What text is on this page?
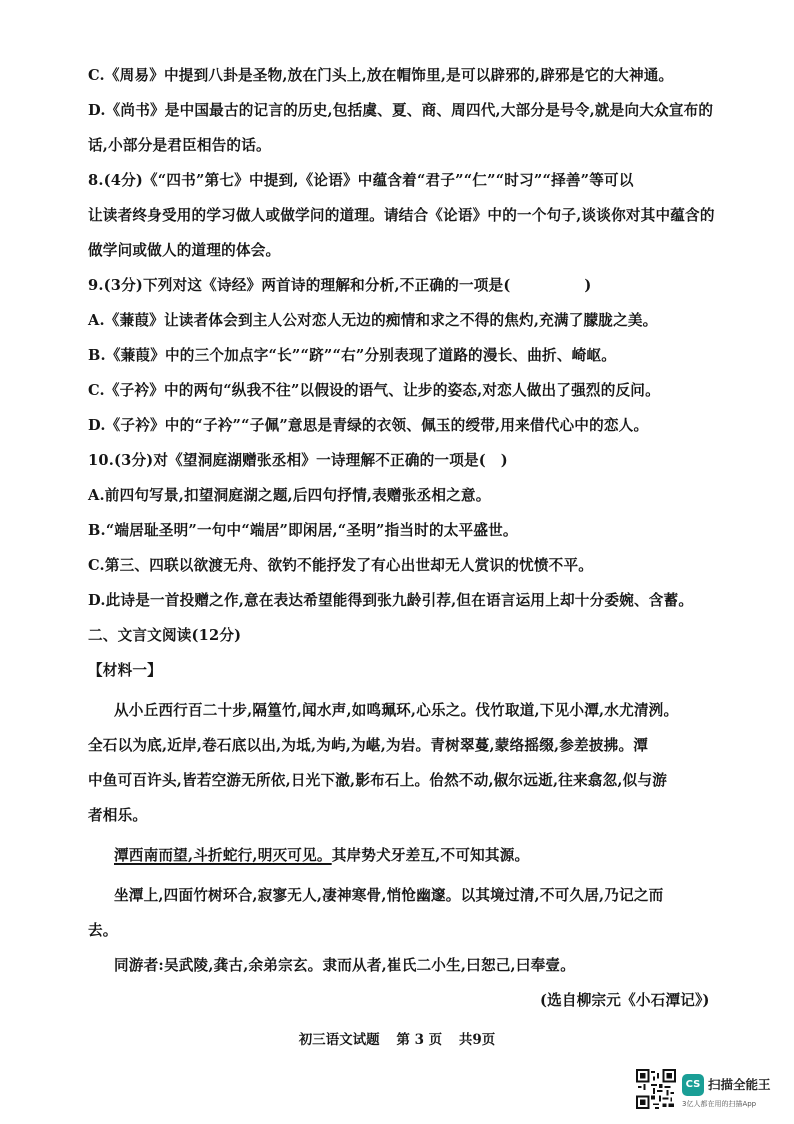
C.《周易》中提到八卦是圣物,放在门头上,放在帽饰里,是可以辟邪的,辟邪是它的大神通。
D.《尚书》是中国最古的记言的历史,包括虞、夏、商、周四代,大部分是号令,就是向大众宣布的
话,小部分是君臣相告的话。
8.(4分)《“四书”第七》中提到,《论语》中蕴含着“君子”“仁”“时习”“择善”等可以
让读者终身受用的学习做人或做学问的道理。请结合《论语》中的一个句子,谈谈你对其中蕴含的
做学问或做人的道理的体会。
9.(3分)下列对这《诗经》两首诗的理解和分析,不正确的一项是(　　　　　)
A.《蒹葭》让读者体会到主人公对恋人无边的痴情和求之不得的焦灼,充满了朦胧之美。
B.《蒹葭》中的三个加点字“长”“跻”“右”分别表现了道路的漫长、曲折、崎岖。
C.《子衿》中的两句“纵我不往”以假设的语气、让步的姿态,对恋人做出了强烈的反问。
D.《子衿》中的“子衿”“子佩”意思是青绿的衣领、佩玉的绶带,用来借代心中的恋人。
10.(3分)对《望洞庭湖赠张丞相》一诗理解不正确的一项是(　)
A.前四句写景,扣望洞庭湖之题,后四句抒情,表赠张丞相之意。
B.“端居耻圣明”一句中“端居”即闲居,“圣明”指当时的太平盛世。
C.第三、四联以欲渡无舟、欲钓不能抒发了有心出世却无人赏识的忧愤不平。
D.此诗是一首投赠之作,意在表达希望能得到张九龄引荐,但在语言运用上却十分委婉、含蓄。
二、文言文阅读(12分)
【材料一】
从小丘西行百二十步,隔篁竹,闻水声,如鸣珮环,心乐之。伐竹取道,下见小潭,水尤清洌。
全石以为底,近岸,卷石底以出,为坻,为屿,为嵁,为岩。青树翠蔓,蒙络摇缀,参差披拂。潭
中鱼可百许头,皆若空游无所依,日光下澈,影布石上。佁然不动,俶尔远逝,往来翕忽,似与游
者相乐。
潭西南而望,斗折蛇行,明灭可见。其岸势犬牙差互,不可知其源。
坐潭上,四面竹树环合,寂寥无人,凄神寒骨,悄怆幽邃。以其境过清,不可久居,乃记之而
去。
同游者:吴武陵,龚古,余弟宗玄。隶而从者,崔氏二小生,曰恕己,曰奉壹。
(选自柳宗元《小石潭记》)
初三语文试题 第 3 页 共9页
CS 扫描全能王
3亿人都在用的扫描App
